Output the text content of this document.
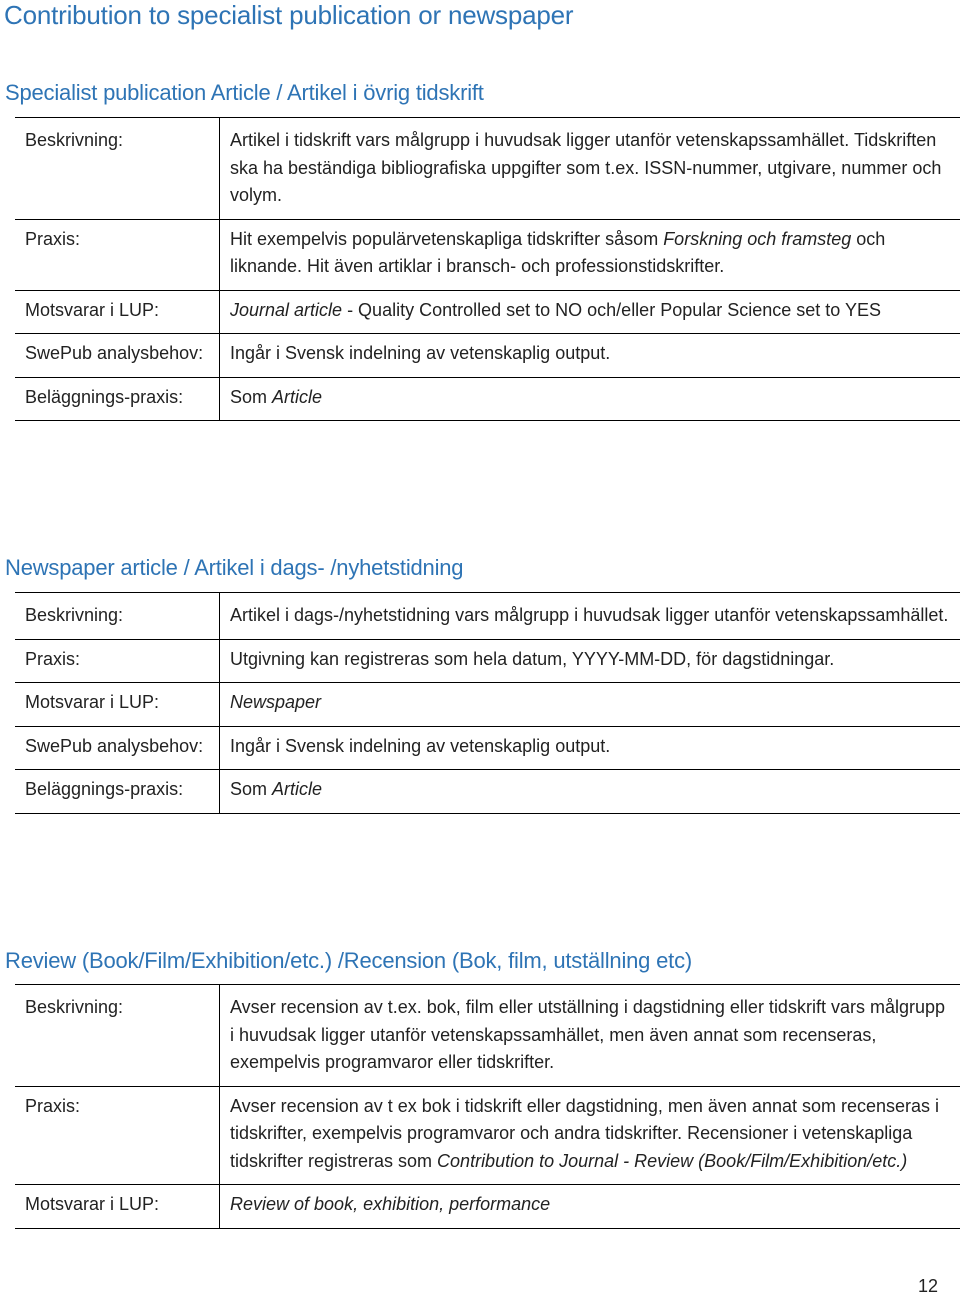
Contribution to specialist publication or newspaper
Specialist publication Article / Artikel i övrig tidskrift
Beskrivning:	Artikel i tidskrift vars målgrupp i huvudsak ligger utanför vetenskapssamhället. Tidskriften ska ha beständiga bibliografiska uppgifter som t.ex. ISSN-nummer, utgivare, nummer och volym.
Praxis:	Hit exempelvis populärvetenskapliga tidskrifter såsom Forskning och framsteg och liknande. Hit även artiklar i bransch- och professionstidskrifter.
Motsvarar i LUP:	Journal article - Quality Controlled set to NO och/eller Popular Science set to YES
SwePub analysbehov:	Ingår i Svensk indelning av vetenskaplig output.
Beläggnings-praxis:	Som Article
Newspaper article / Artikel i dags- /nyhetstidning
Beskrivning:	Artikel i dags-/nyhetstidning vars målgrupp i huvudsak ligger utanför vetenskapssamhället.
Praxis:	Utgivning kan registreras som hela datum, YYYY-MM-DD, för dagstidningar.
Motsvarar i LUP:	Newspaper
SwePub analysbehov:	Ingår i Svensk indelning av vetenskaplig output.
Beläggnings-praxis:	Som Article
Review (Book/Film/Exhibition/etc.) /Recension (Bok, film, utställning etc)
Beskrivning:	Avser recension av t.ex. bok, film eller utställning i dagstidning eller tidskrift vars målgrupp i huvudsak ligger utanför vetenskapssamhället, men även annat som recenseras, exempelvis programvaror eller tidskrifter.
Praxis:	Avser recension av t ex bok i tidskrift eller dagstidning, men även annat som recenseras i tidskrifter, exempelvis programvaror och andra tidskrifter. Recensioner i vetenskapliga tidskrifter registreras som Contribution to Journal - Review (Book/Film/Exhibition/etc.)
Motsvarar i LUP:	Review of book, exhibition, performance
12
